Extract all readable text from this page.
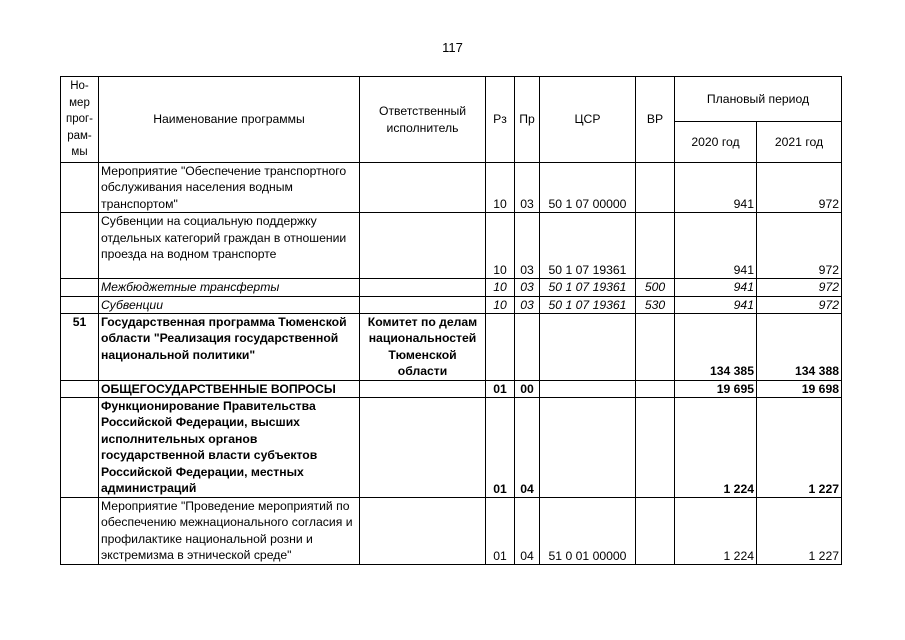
117
Но-мер прог-рам-мы	Наименование программы	Ответственный исполнитель	Рз	Пр	ЦСР	ВР	Плановый период	
							2020 год	2021 год
	Мероприятие "Обеспечение транспортного обслуживания населения водным транспортом"		10	03	50 1 07 00000		941	972
	Субвенции на социальную поддержку отдельных категорий граждан в отношении проезда на водном транспорте		10	03	50 1 07 19361		941	972
	Межбюджетные трансферты		10	03	50 1 07 19361	500	941	972
	Субвенции		10	03	50 1 07 19361	530	941	972
51	Государственная программа Тюменской области "Реализация государственной национальной политики"	Комитет по делам национальностей Тюменской области					134 385	134 388
	ОБЩЕГОСУДАРСТВЕННЫЕ ВОПРОСЫ		01	00			19 695	19 698
	Функционирование Правительства Российской Федерации, высших исполнительных органов государственной власти субъектов Российской Федерации, местных администраций		01	04			1 224	1 227
	Мероприятие "Проведение мероприятий по обеспечению межнационального согласия и профилактике национальной розни и экстремизма в этнической среде"		01	04	51 0 01 00000		1 224	1 227
